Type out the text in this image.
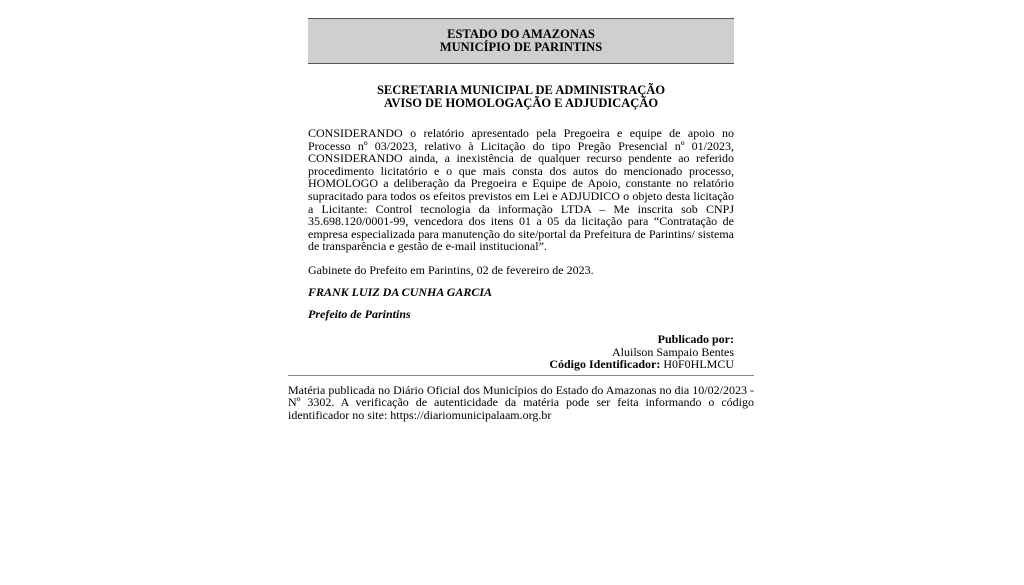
ESTADO DO AMAZONAS
MUNICÍPIO DE PARINTINS
SECRETARIA MUNICIPAL DE ADMINISTRAÇÃO
AVISO DE HOMOLOGAÇÃO E ADJUDICAÇÃO
CONSIDERANDO o relatório apresentado pela Pregoeira e equipe de apoio no Processo nº 03/2023, relativo à Licitação do tipo Pregão Presencial nº 01/2023, CONSIDERANDO ainda, a inexistência de qualquer recurso pendente ao referido procedimento licitatório e o que mais consta dos autos do mencionado processo, HOMOLOGO a deliberação da Pregoeira e Equipe de Apoio, constante no relatório supracitado para todos os efeitos previstos em Lei e ADJUDICO o objeto desta licitação a Licitante: Control tecnologia da informação LTDA – Me inscrita sob CNPJ 35.698.120/0001-99, vencedora dos itens 01 a 05 da licitação para “Contratação de empresa especializada para manutenção do site/portal da Prefeitura de Parintins/ sistema de transparência e gestão de e-mail institucional”.
Gabinete do Prefeito em Parintins, 02 de fevereiro de 2023.
FRANK LUIZ DA CUNHA GARCIA
Prefeito de Parintins
Publicado por:
Aluilson Sampaio Bentes
Código Identificador: H0F0HLMCU
Matéria publicada no Diário Oficial dos Municípios do Estado do Amazonas no dia 10/02/2023 - Nº 3302. A verificação de autenticidade da matéria pode ser feita informando o código identificador no site: https://diariomunicipalaam.org.br
